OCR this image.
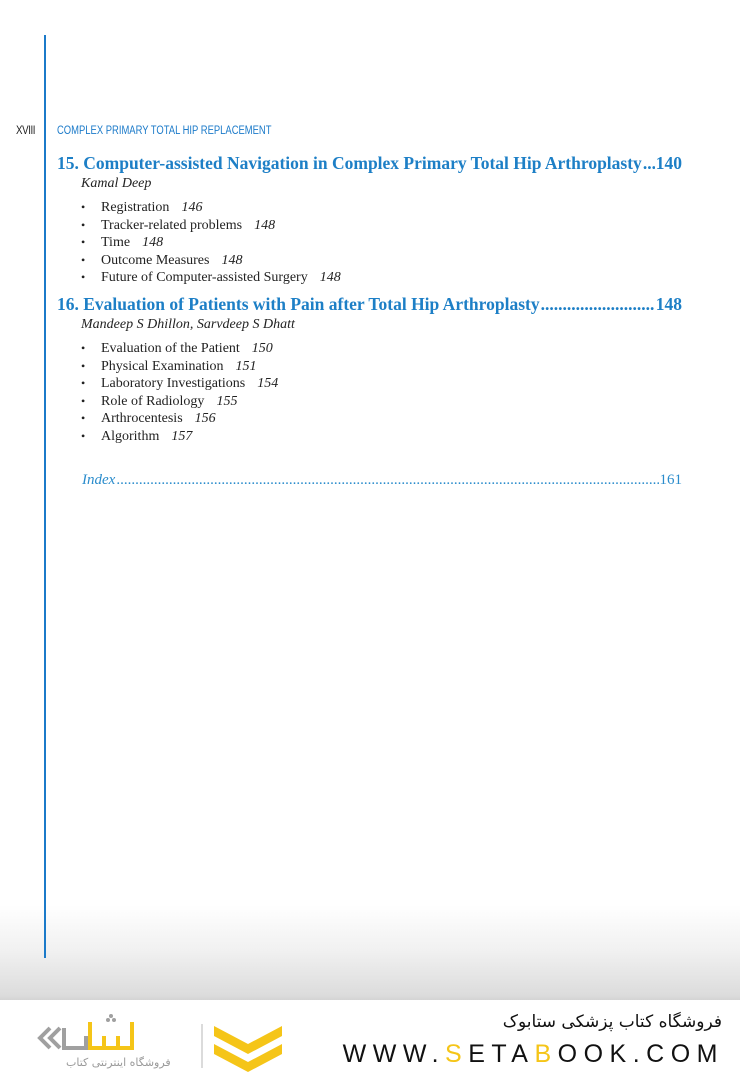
XVIII COMPLEX PRIMARY TOTAL HIP REPLACEMENT
15. Computer-assisted Navigation in Complex Primary Total Hip Arthroplasty ..... 140
Kamal Deep
• Registration 146
• Tracker-related problems 148
• Time 148
• Outcome Measures 148
• Future of Computer-assisted Surgery 148
16. Evaluation of Patients with Pain after Total Hip Arthroplasty .....	148
Mandeep S Dhillon, Sarvdeep S Dhatt
• Evaluation of the Patient 150
• Physical Examination 151
• Laboratory Investigations 154
• Role of Radiology 155
• Arthrocentesis 156
• Algorithm 157
Index .....	161
فروشگاه اینترنتی کتاب
فروشگاه کتاب پزشکی ستابوک
WWW.SETABOOK.COM
